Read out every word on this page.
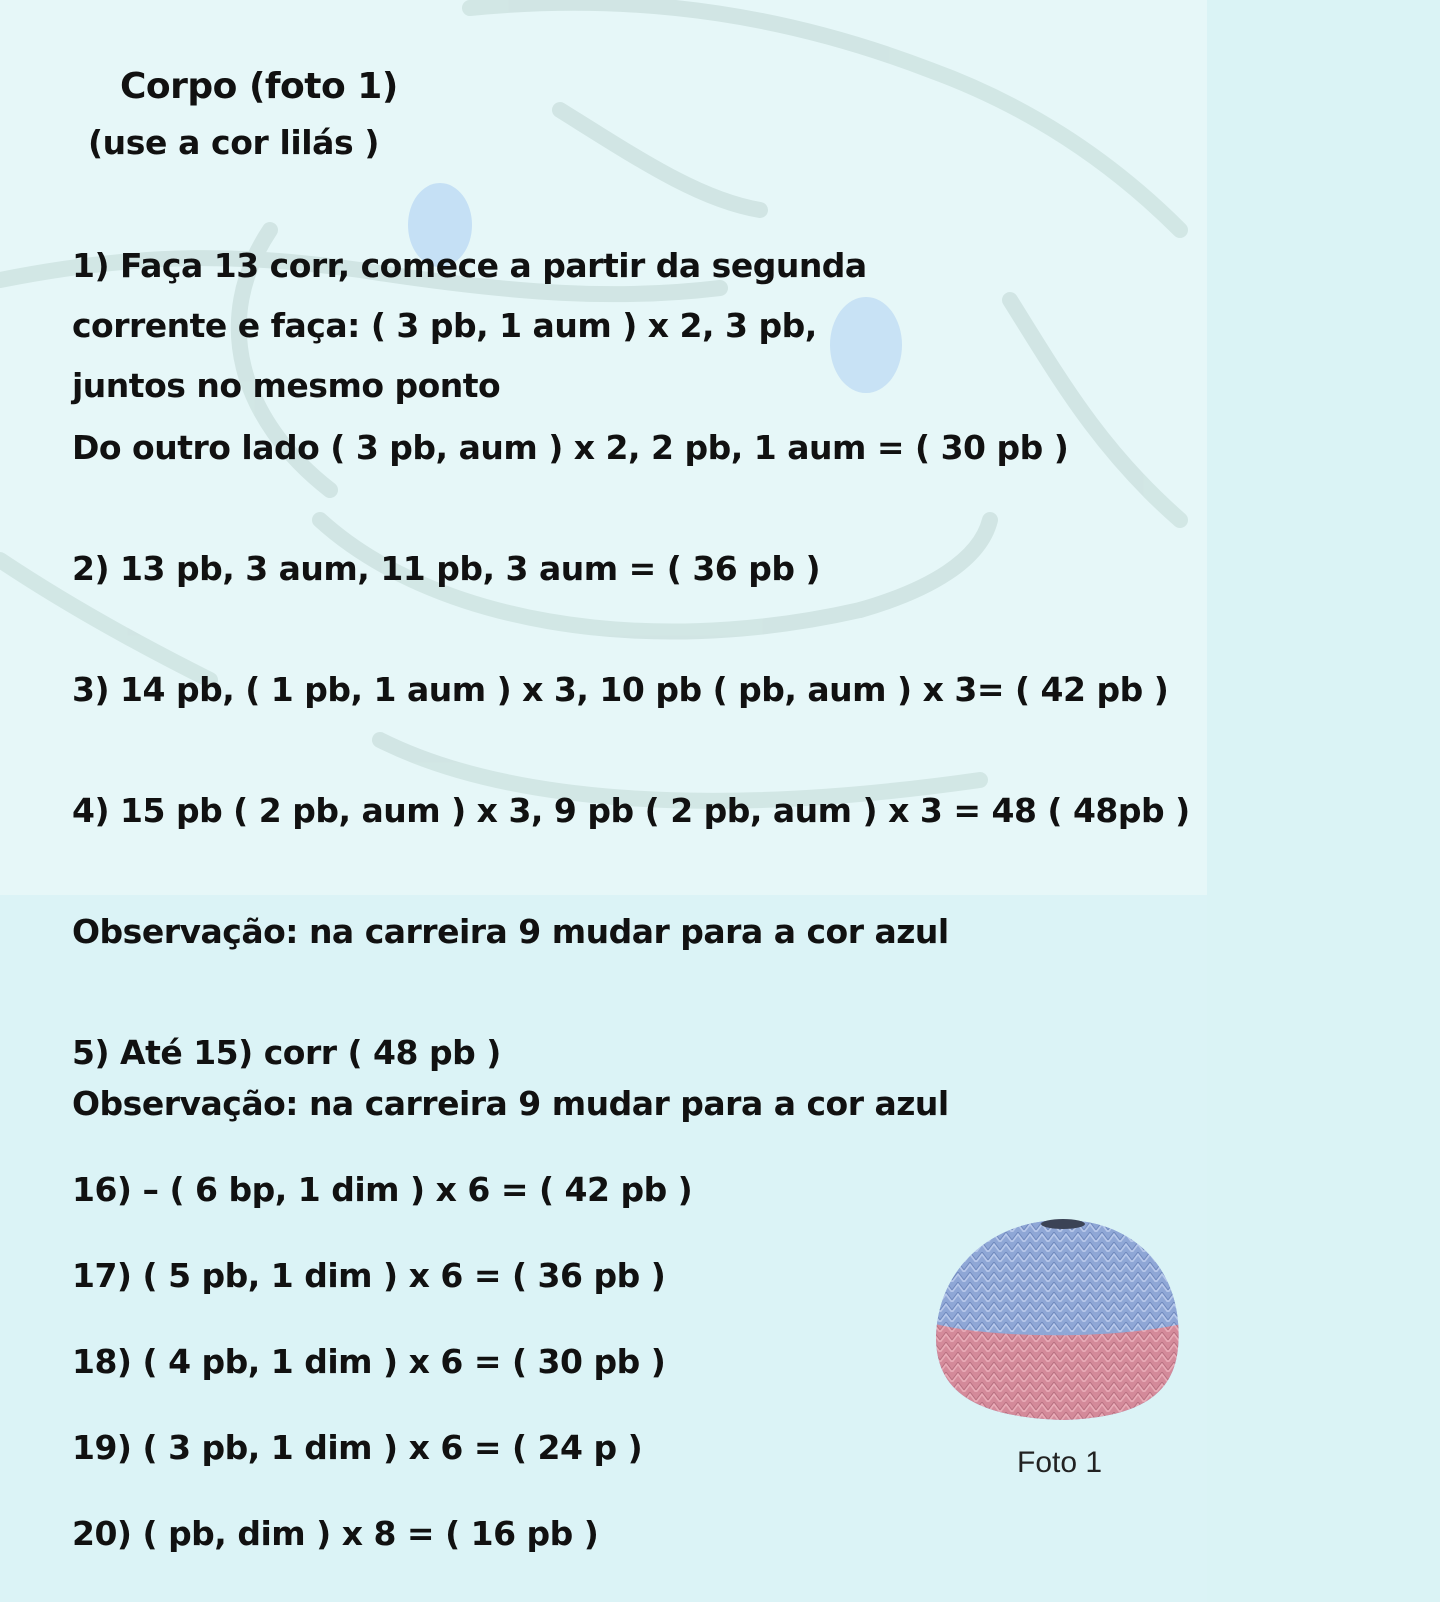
Corpo (foto 1)

(use a cor lilás )

1) Faça 13 corr, comece a partir da segunda

corrente e faça: ( 3 pb, 1 aum ) x 2, 3 pb,

juntos no mesmo ponto

Do outro lado ( 3 pb, aum ) x 2, 2 pb, 1 aum = ( 30 pb )

2) 13 pb, 3 aum, 11 pb, 3 aum = ( 36 pb )

3) 14 pb, ( 1 pb, 1 aum ) x 3, 10 pb ( pb, aum ) x 3= ( 42 pb )

4) 15 pb ( 2 pb, aum ) x 3, 9 pb ( 2 pb, aum ) x 3 = 48 ( 48pb )

Observação: na carreira 9 mudar para a cor azul

5) Até 15) corr ( 48 pb )

Observação: na carreira 9 mudar para a cor azul

16) – ( 6 bp, 1 dim ) x 6 = ( 42 pb )

17) ( 5 pb, 1 dim ) x 6 = ( 36 pb )

18) ( 4 pb, 1 dim ) x 6 = ( 30 pb )

19) ( 3 pb, 1 dim ) x 6 = ( 24 p )

20) ( pb, dim ) x 8 = ( 16 pb )

Foto 1
